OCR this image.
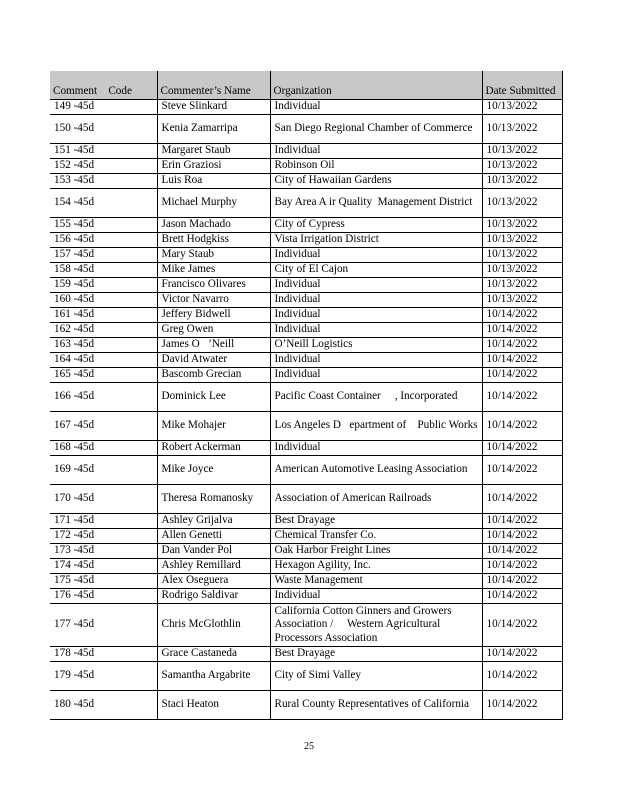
Comment    Code	Commenter’s Name	Organization	Date Submitted
149 -45d	Steve Slinkard	Individual	10/13/2022
150 -45d	Kenia Zamarripa	San Diego Regional Chamber of Commerce	10/13/2022
151 -45d	Margaret Staub	Individual	10/13/2022
152 -45d	Erin Graziosi	Robinson Oil	10/13/2022
153 -45d	Luis Roa	City of Hawaiian Gardens	10/13/2022
154 -45d	Michael Murphy	Bay Area A ir Quality  Management District	10/13/2022
155 -45d	Jason Machado	City of Cypress	10/13/2022
156 -45d	Brett Hodgkiss	Vista Irrigation District	10/13/2022
157 -45d	Mary Staub	Individual	10/13/2022
158 -45d	Mike James	City of El Cajon	10/13/2022
159 -45d	Francisco Olivares	Individual	10/13/2022
160 -45d	Victor Navarro	Individual	10/13/2022
161 -45d	Jeffery Bidwell	Individual	10/14/2022
162 -45d	Greg Owen	Individual	10/14/2022
163 -45d	James O   ’Neill	O’Neill Logistics	10/14/2022
164 -45d	David Atwater	Individual	10/14/2022
165 -45d	Bascomb Grecian	Individual	10/14/2022
166 -45d	Dominick Lee	Pacific Coast Container     , Incorporated	10/14/2022
167 -45d	Mike Mohajer	Los Angeles D   epartment of    Public Works	10/14/2022
168 -45d	Robert Ackerman	Individual	10/14/2022
169 -45d	Mike Joyce	American Automotive Leasing Association	10/14/2022
170 -45d	Theresa Romanosky	Association of American Railroads	10/14/2022
171 -45d	Ashley Grijalva	Best Drayage	10/14/2022
172 -45d	Allen Genetti	Chemical Transfer Co.	10/14/2022
173 -45d	Dan Vander Pol	Oak Harbor Freight Lines	10/14/2022
174 -45d	Ashley Remillard	Hexagon Agility, Inc.	10/14/2022
175 -45d	Alex Oseguera	Waste Management	10/14/2022
176 -45d	Rodrigo Saldivar	Individual	10/14/2022
177 -45d	Chris McGlothlin	California Cotton Ginners and Growers Association /     Western Agricultural Processors Association	10/14/2022
178 -45d	Grace Castaneda	Best Drayage	10/14/2022
179 -45d	Samantha Argabrite	City of Simi Valley	10/14/2022
180 -45d	Staci Heaton	Rural County Representatives of California	10/14/2022
25
